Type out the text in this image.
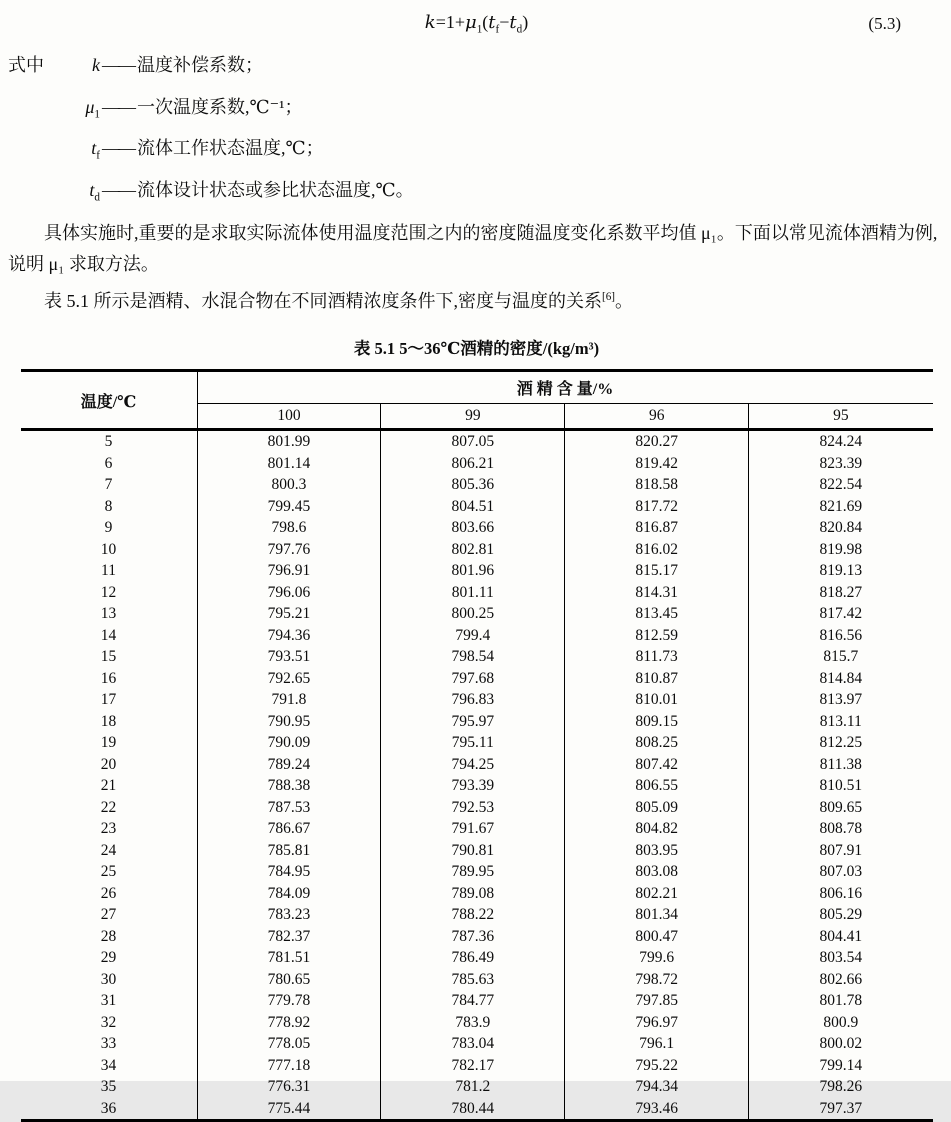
$k=1+\mu_1(t_f-t_d)$	(5.3)
式中	k —— 温度补偿系数；
$\mu_1$ —— 一次温度系数,℃⁻¹；
$t_f$ —— 流体工作状态温度,℃；
$t_d$ —— 流体设计状态或参比状态温度,℃。

具体实施时,重要的是求取实际流体使用温度范围之内的密度随温度变化系数平均值 μ₁。下面以常见流体酒精为例,说明 μ₁ 求取方法。

表 5.1 所示是酒精、水混合物在不同酒精浓度条件下,密度与温度的关系[6]。

表 5.1 5～36℃酒精的密度/(kg/m³)
温度/℃	酒 精 含 量/%			
	100	99	96	95
5	801.99	807.05	820.27	824.24
6	801.14	806.21	819.42	823.39
7	800.3	805.36	818.58	822.54
8	799.45	804.51	817.72	821.69
9	798.6	803.66	816.87	820.84
10	797.76	802.81	816.02	819.98
11	796.91	801.96	815.17	819.13
12	796.06	801.11	814.31	818.27
13	795.21	800.25	813.45	817.42
14	794.36	799.4	812.59	816.56
15	793.51	798.54	811.73	815.7
16	792.65	797.68	810.87	814.84
17	791.8	796.83	810.01	813.97
18	790.95	795.97	809.15	813.11
19	790.09	795.11	808.25	812.25
20	789.24	794.25	807.42	811.38
21	788.38	793.39	806.55	810.51
22	787.53	792.53	805.09	809.65
23	786.67	791.67	804.82	808.78
24	785.81	790.81	803.95	807.91
25	784.95	789.95	803.08	807.03
26	784.09	789.08	802.21	806.16
27	783.23	788.22	801.34	805.29
28	782.37	787.36	800.47	804.41
29	781.51	786.49	799.6	803.54
30	780.65	785.63	798.72	802.66
31	779.78	784.77	797.85	801.78
32	778.92	783.9	796.97	800.9
33	778.05	783.04	796.1	800.02
34	777.18	782.17	795.22	799.14
35	776.31	781.2	794.34	798.26
36	775.44	780.44	793.46	797.37
